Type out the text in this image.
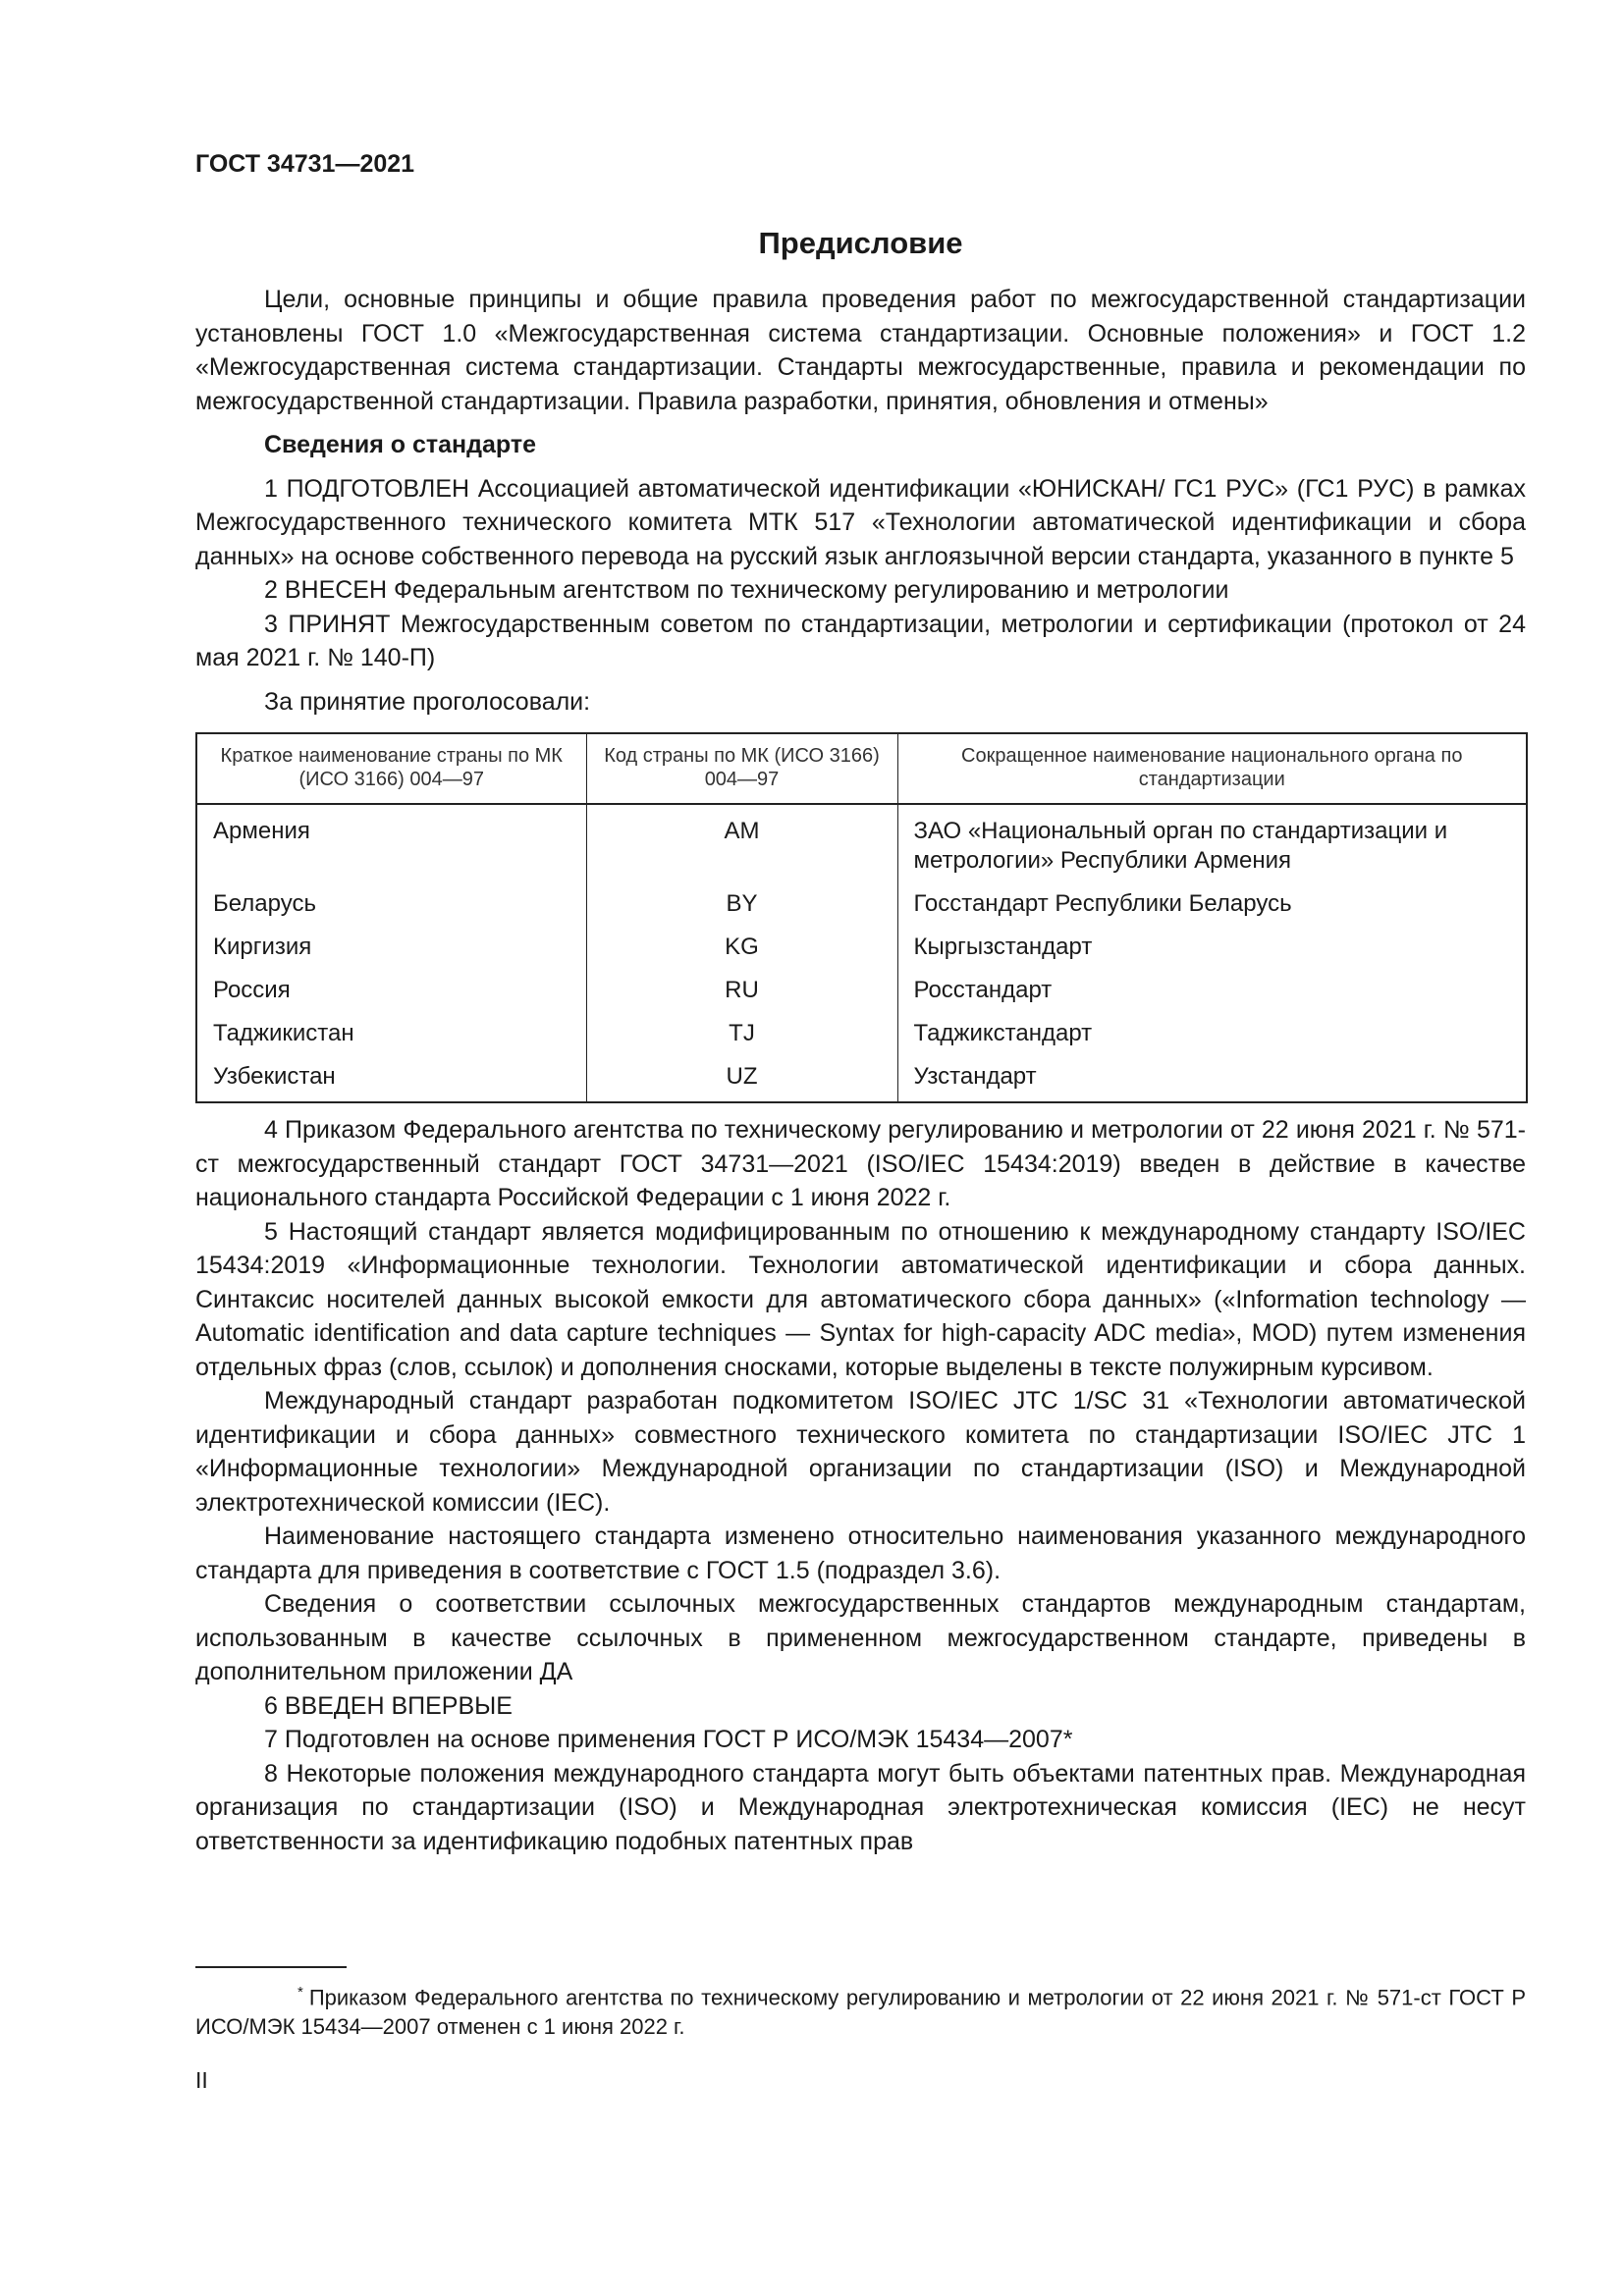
ГОСТ 34731—2021
Предисловие

Цели, основные принципы и общие правила проведения работ по межгосударственной стандартизации установлены ГОСТ 1.0 «Межгосударственная система стандартизации. Основные положения» и ГОСТ 1.2 «Межгосударственная система стандартизации. Стандарты межгосударственные, правила и рекомендации по межгосударственной стандартизации. Правила разработки, принятия, обновления и отмены»

Сведения о стандарте

1 ПОДГОТОВЛЕН Ассоциацией автоматической идентификации «ЮНИСКАН/ ГС1 РУС» (ГС1 РУС) в рамках Межгосударственного технического комитета МТК 517 «Технологии автоматической идентификации и сбора данных» на основе собственного перевода на русский язык англоязычной версии стандарта, указанного в пункте 5

2 ВНЕСЕН Федеральным агентством по техническому регулированию и метрологии

3 ПРИНЯТ Межгосударственным советом по стандартизации, метрологии и сертификации (протокол от 24 мая 2021 г. № 140-П)

За принятие проголосовали:

Краткое наименование страны по МК (ИСО 3166) 004—97	Код страны по МК (ИСО 3166) 004—97	Сокращенное наименование национального органа по стандартизации
Армения	AM	ЗАО «Национальный орган по стандартизации и метрологии» Республики Армения
Беларусь	BY	Госстандарт Республики Беларусь
Киргизия	KG	Кыргызстандарт
Россия	RU	Росстандарт
Таджикистан	TJ	Таджикстандарт
Узбекистан	UZ	Узстандарт

4 Приказом Федерального агентства по техническому регулированию и метрологии от 22 июня 2021 г. № 571-ст межгосударственный стандарт ГОСТ 34731—2021 (ISO/IEC 15434:2019) введен в действие в качестве национального стандарта Российской Федерации с 1 июня 2022 г.

5 Настоящий стандарт является модифицированным по отношению к международному стандарту ISO/IEC 15434:2019 «Информационные технологии. Технологии автоматической идентификации и сбора данных. Синтаксис носителей данных высокой емкости для автоматического сбора данных» («Information technology — Automatic identification and data capture techniques — Syntax for high-capacity ADC media», MOD) путем изменения отдельных фраз (слов, ссылок) и дополнения сносками, которые выделены в тексте полужирным курсивом.

Международный стандарт разработан подкомитетом ISO/IEC JTC 1/SC 31 «Технологии автоматической идентификации и сбора данных» совместного технического комитета по стандартизации ISO/IEC JTC 1 «Информационные технологии» Международной организации по стандартизации (ISO) и Международной электротехнической комиссии (IEC).

Наименование настоящего стандарта изменено относительно наименования указанного международного стандарта для приведения в соответствие с ГОСТ 1.5 (подраздел 3.6).

Сведения о соответствии ссылочных межгосударственных стандартов международным стандартам, использованным в качестве ссылочных в примененном межгосударственном стандарте, приведены в дополнительном приложении ДА

6 ВВЕДЕН ВПЕРВЫЕ

7 Подготовлен на основе применения ГОСТ Р ИСО/МЭК 15434—2007*

8 Некоторые положения международного стандарта могут быть объектами патентных прав. Международная организация по стандартизации (ISO) и Международная электротехническая комиссия (IEC) не несут ответственности за идентификацию подобных патентных прав

* Приказом Федерального агентства по техническому регулированию и метрологии от 22 июня 2021 г. № 571-ст ГОСТ Р ИСО/МЭК 15434—2007 отменен с 1 июня 2022 г.
II
